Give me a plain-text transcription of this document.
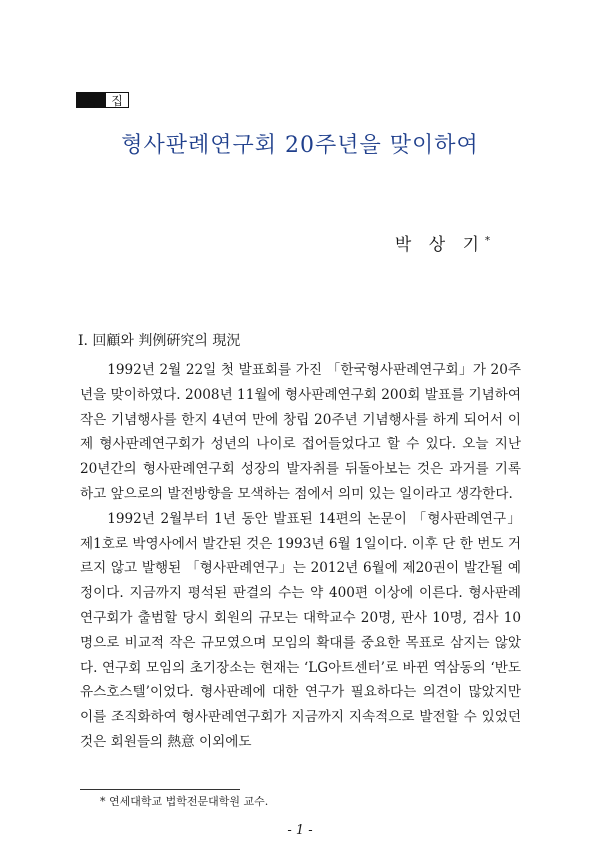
특	집
형사판례연구회 20주년을 맞이하여
박 상 기*
Ⅰ. 回顧와 判例硏究의 現況

1992년 2월 22일 첫 발표회를 가진 「한국형사판례연구회」가 20주년을 맞이하였다. 2008년 11월에 형사판례연구회 200회 발표를 기념하여 작은 기념행사를 한지 4년여 만에 창립 20주년 기념행사를 하게 되어서 이제 형사판례연구회가 성년의 나이로 접어들었다고 할 수 있다. 오늘 지난 20년간의 형사판례연구회 성장의 발자취를 뒤돌아보는 것은 과거를 기록하고 앞으로의 발전방향을 모색하는 점에서 의미 있는 일이라고 생각한다.

1992년 2월부터 1년 동안 발표된 14편의 논문이 「형사판례연구」 제1호로 박영사에서 발간된 것은 1993년 6월 1일이다. 이후 단 한 번도 거르지 않고 발행된 「형사판례연구」는 2012년 6월에 제20권이 발간될 예정이다. 지금까지 평석된 판결의 수는 약 400편 이상에 이른다. 형사판례연구회가 출범할 당시 회원의 규모는 대학교수 20명, 판사 10명, 검사 10명으로 비교적 작은 규모였으며 모임의 확대를 중요한 목표로 삼지는 않았다. 연구회 모임의 초기장소는 현재는 ‘LG아트센터’로 바뀐 역삼동의 ‘반도 유스호스텔’이었다. 형사판례에 대한 연구가 필요하다는 의견이 많았지만 이를 조직화하여 형사판례연구회가 지금까지 지속적으로 발전할 수 있었던 것은 회원들의 熱意 이외에도

* 연세대학교 법학전문대학원 교수.
- 1 -
